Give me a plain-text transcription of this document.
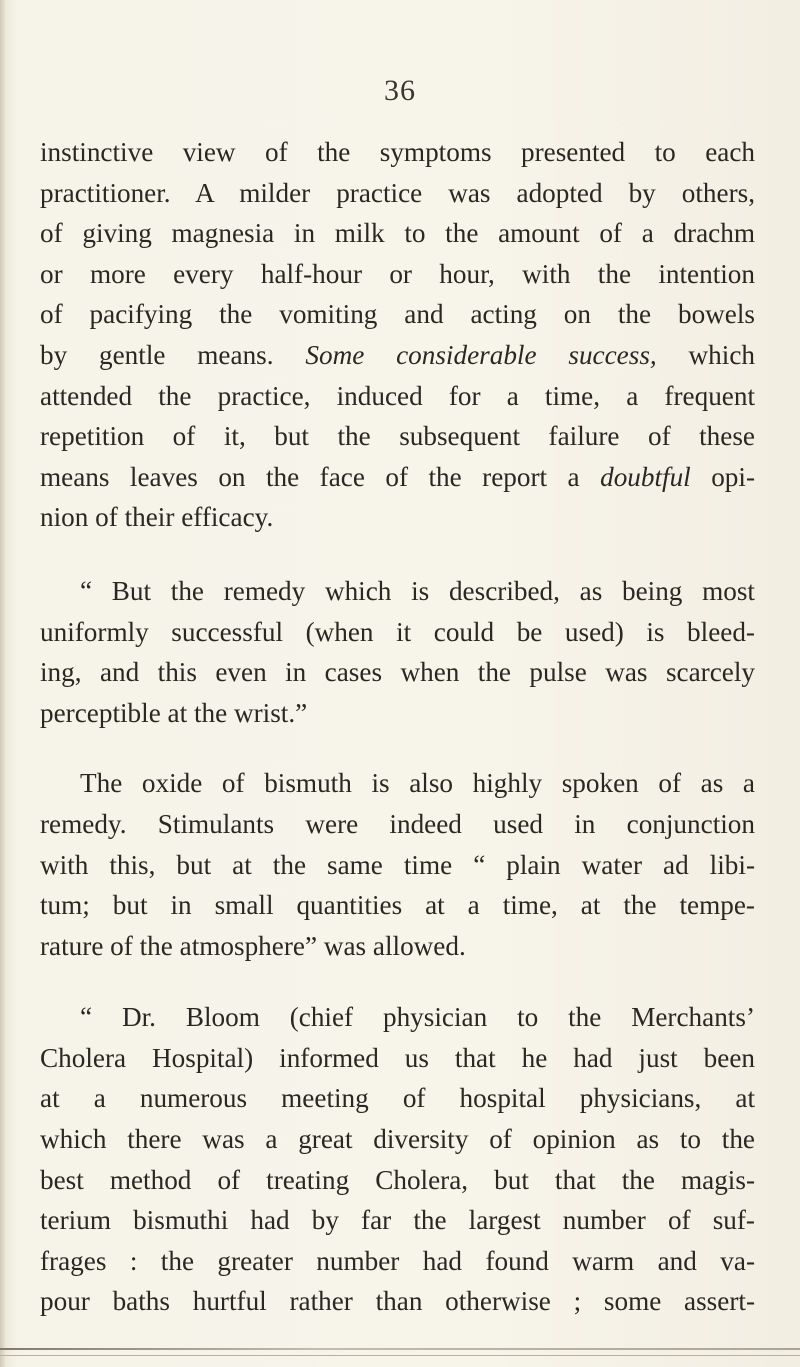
36
instinctive view of the symptoms presented to each
practitioner. A milder practice was adopted by others,
of giving magnesia in milk to the amount of a drachm
or more every half-hour or hour, with the intention
of pacifying the vomiting and acting on the bowels
by gentle means. Some considerable success, which
attended the practice, induced for a time, a frequent
repetition of it, but the subsequent failure of these
means leaves on the face of the report a doubtful opi-
nion of their efficacy.
“ But the remedy which is described, as being most
uniformly successful (when it could be used) is bleed-
ing, and this even in cases when the pulse was scarcely
perceptible at the wrist.”
The oxide of bismuth is also highly spoken of as a
remedy. Stimulants were indeed used in conjunction
with this, but at the same time “ plain water ad libi-
tum; but in small quantities at a time, at the tempe-
rature of the atmosphere” was allowed.
“ Dr. Bloom (chief physician to the Merchants’
Cholera Hospital) informed us that he had just been
at a numerous meeting of hospital physicians, at
which there was a great diversity of opinion as to the
best method of treating Cholera, but that the magis-
terium bismuthi had by far the largest number of suf-
frages : the greater number had found warm and va-
pour baths hurtful rather than otherwise ; some assert-
